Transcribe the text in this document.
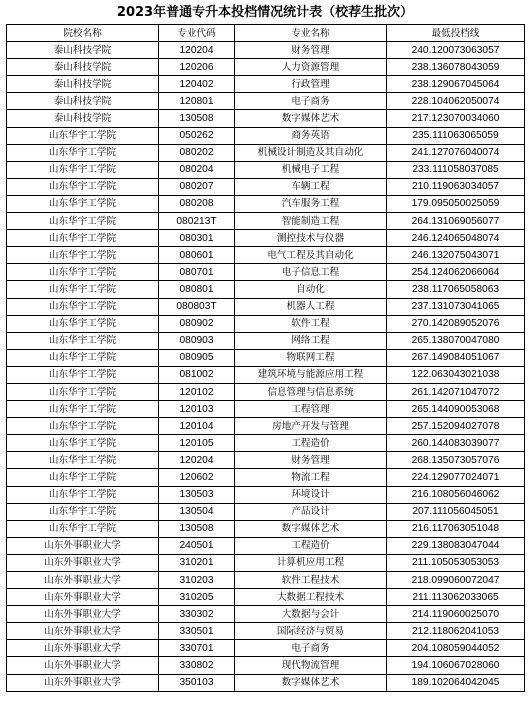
2023年普通专升本投档情况统计表（校荐生批次）
院校名称	专业代码	专业名称	最低投档线
泰山科技学院	120204	财务管理	240.120073063057
泰山科技学院	120206	人力资源管理	238.136078043059
泰山科技学院	120402	行政管理	238.129067045064
泰山科技学院	120801	电子商务	228.104062050074
泰山科技学院	130508	数字媒体艺术	217.123070034060
山东华宇工学院	050262	商务英语	235.111063065059
山东华宇工学院	080202	机械设计制造及其自动化	241.127076040074
山东华宇工学院	080204	机械电子工程	233.111058037085
山东华宇工学院	080207	车辆工程	210.119063034057
山东华宇工学院	080208	汽车服务工程	179.095050025059
山东华宇工学院	080213T	智能制造工程	264.131069056077
山东华宇工学院	080301	测控技术与仪器	246.124065048074
山东华宇工学院	080601	电气工程及其自动化	246.132075043071
山东华宇工学院	080701	电子信息工程	254.124062066064
山东华宇工学院	080801	自动化	238.117065058063
山东华宇工学院	080803T	机器人工程	237.131073041065
山东华宇工学院	080902	软件工程	270.142089052076
山东华宇工学院	080903	网络工程	265.138070047080
山东华宇工学院	080905	物联网工程	267.149084051067
山东华宇工学院	081002	建筑环境与能源应用工程	122.063043021038
山东华宇工学院	120102	信息管理与信息系统	261.142071047072
山东华宇工学院	120103	工程管理	265.144090053068
山东华宇工学院	120104	房地产开发与管理	257.152094027078
山东华宇工学院	120105	工程造价	260.144083039077
山东华宇工学院	120204	财务管理	268.135073057076
山东华宇工学院	120602	物流工程	224.129077024071
山东华宇工学院	130503	环境设计	216.108056046062
山东华宇工学院	130504	产品设计	207.111056045051
山东华宇工学院	130508	数字媒体艺术	216.117063051048
山东外事职业大学	240501	工程造价	229.138083047044
山东外事职业大学	310201	计算机应用工程	211.105053053053
山东外事职业大学	310203	软件工程技术	218.099060072047
山东外事职业大学	310205	大数据工程技术	211.113062033065
山东外事职业大学	330302	大数据与会计	214.119060025070
山东外事职业大学	330501	国际经济与贸易	212.118062041053
山东外事职业大学	330701	电子商务	204.108059044052
山东外事职业大学	330802	现代物流管理	194.106067028060
山东外事职业大学	350103	数字媒体艺术	189.102064042045
